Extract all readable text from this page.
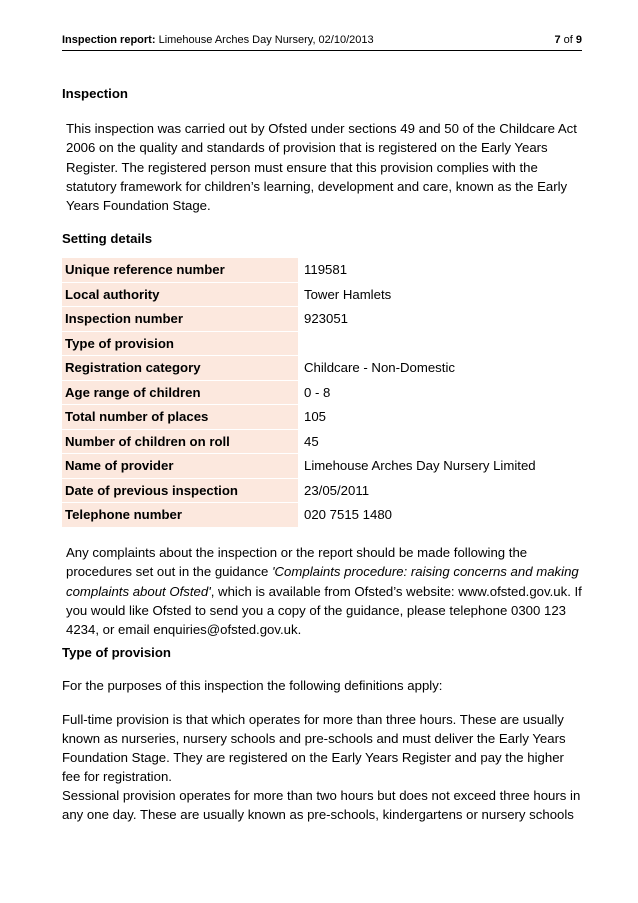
Inspection report: Limehouse Arches Day Nursery, 02/10/2013	7 of 9
Inspection
This inspection was carried out by Ofsted under sections 49 and 50 of the Childcare Act 2006 on the quality and standards of provision that is registered on the Early Years Register. The registered person must ensure that this provision complies with the statutory framework for children’s learning, development and care, known as the Early Years Foundation Stage.
Setting details
Unique reference number	119581
Local authority	Tower Hamlets
Inspection number	923051
Type of provision	
Registration category	Childcare - Non-Domestic
Age range of children	0 - 8
Total number of places	105
Number of children on roll	45
Name of provider	Limehouse Arches Day Nursery Limited
Date of previous inspection	23/05/2011
Telephone number	020 7515 1480
Any complaints about the inspection or the report should be made following the procedures set out in the guidance 'Complaints procedure: raising concerns and making complaints about Ofsted', which is available from Ofsted’s website: www.ofsted.gov.uk. If you would like Ofsted to send you a copy of the guidance, please telephone 0300 123 4234, or email enquiries@ofsted.gov.uk.
Type of provision
For the purposes of this inspection the following definitions apply:
Full-time provision is that which operates for more than three hours. These are usually known as nurseries, nursery schools and pre-schools and must deliver the Early Years Foundation Stage. They are registered on the Early Years Register and pay the higher fee for registration.
Sessional provision operates for more than two hours but does not exceed three hours in any one day. These are usually known as pre-schools, kindergartens or nursery schools
